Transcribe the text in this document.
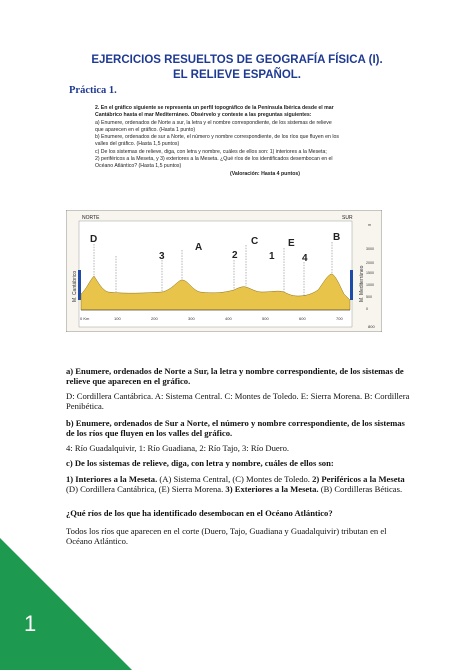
EJERCICIOS RESUELTOS DE GEOGRAFÍA FÍSICA (I).
EL RELIEVE ESPAÑOL.
Práctica 1.
2. En el gráfico siguiente se representa un perfil topográfico de la Península Ibérica desde el mar
Cantábrico hasta el mar Mediterráneo. Obsérvelo y conteste a las preguntas siguientes:
a) Enumere, ordenados de Norte a sur, la letra y el nombre correspondiente, de los sistemas de relieve
que aparecen en el gráfico. (Hasta 1 punto)
b) Enumere, ordenados de sur a Norte, el número y nombre correspondiente, de los ríos que fluyen en los
valles del gráfico. (Hasta 1,5 puntos)
c) De los sistemas de relieve, diga, con letra y nombre, cuáles de ellos son: 1) interiores a la Meseta;
2) periféricos a la Meseta, y 3) exteriores a la Meseta. ¿Qué ríos de los identificados desembocan en el
Océano Atlántico? (Hasta 1,5 puntos)
(Valoración: Hasta 4 puntos)
NORTE	SUR
M. Cantábrico	M. Mediterráneo
D
A
C	E
B
3	2	1	4
0 Km	100	200	300	400	500	600	700
800
m
3000
2000
1500
1000
500
0
a) Enumere, ordenados de Norte a Sur, la letra y nombre correspondiente, de los sistemas de relieve que aparecen en el gráfico.
D: Cordillera Cantábrica. A: Sistema Central. C: Montes de Toledo. E: Sierra Morena. B: Cordillera Penibética.
b) Enumere, ordenados de Sur a Norte, el número y nombre correspondiente, de los sistemas de los ríos que fluyen en los valles del gráfico.
4: Río Guadalquivir, 1: Río Guadiana, 2: Río Tajo, 3: Río Duero.
c) De los sistemas de relieve, diga, con letra y nombre, cuáles de ellos son:
1) Interiores a la Meseta. (A) Sistema Central, (C) Montes de Toledo. 2) Periféricos a la Meseta (D) Cordillera Cantábrica, (E) Sierra Morena. 3) Exteriores a la Meseta. (B) Cordilleras Béticas.
¿Qué ríos de los que ha identificado desembocan en el Océano Atlántico?
Todos los ríos que aparecen en el corte (Duero, Tajo, Guadiana y Guadalquivir) tributan en el Océano Atlántico.
1
